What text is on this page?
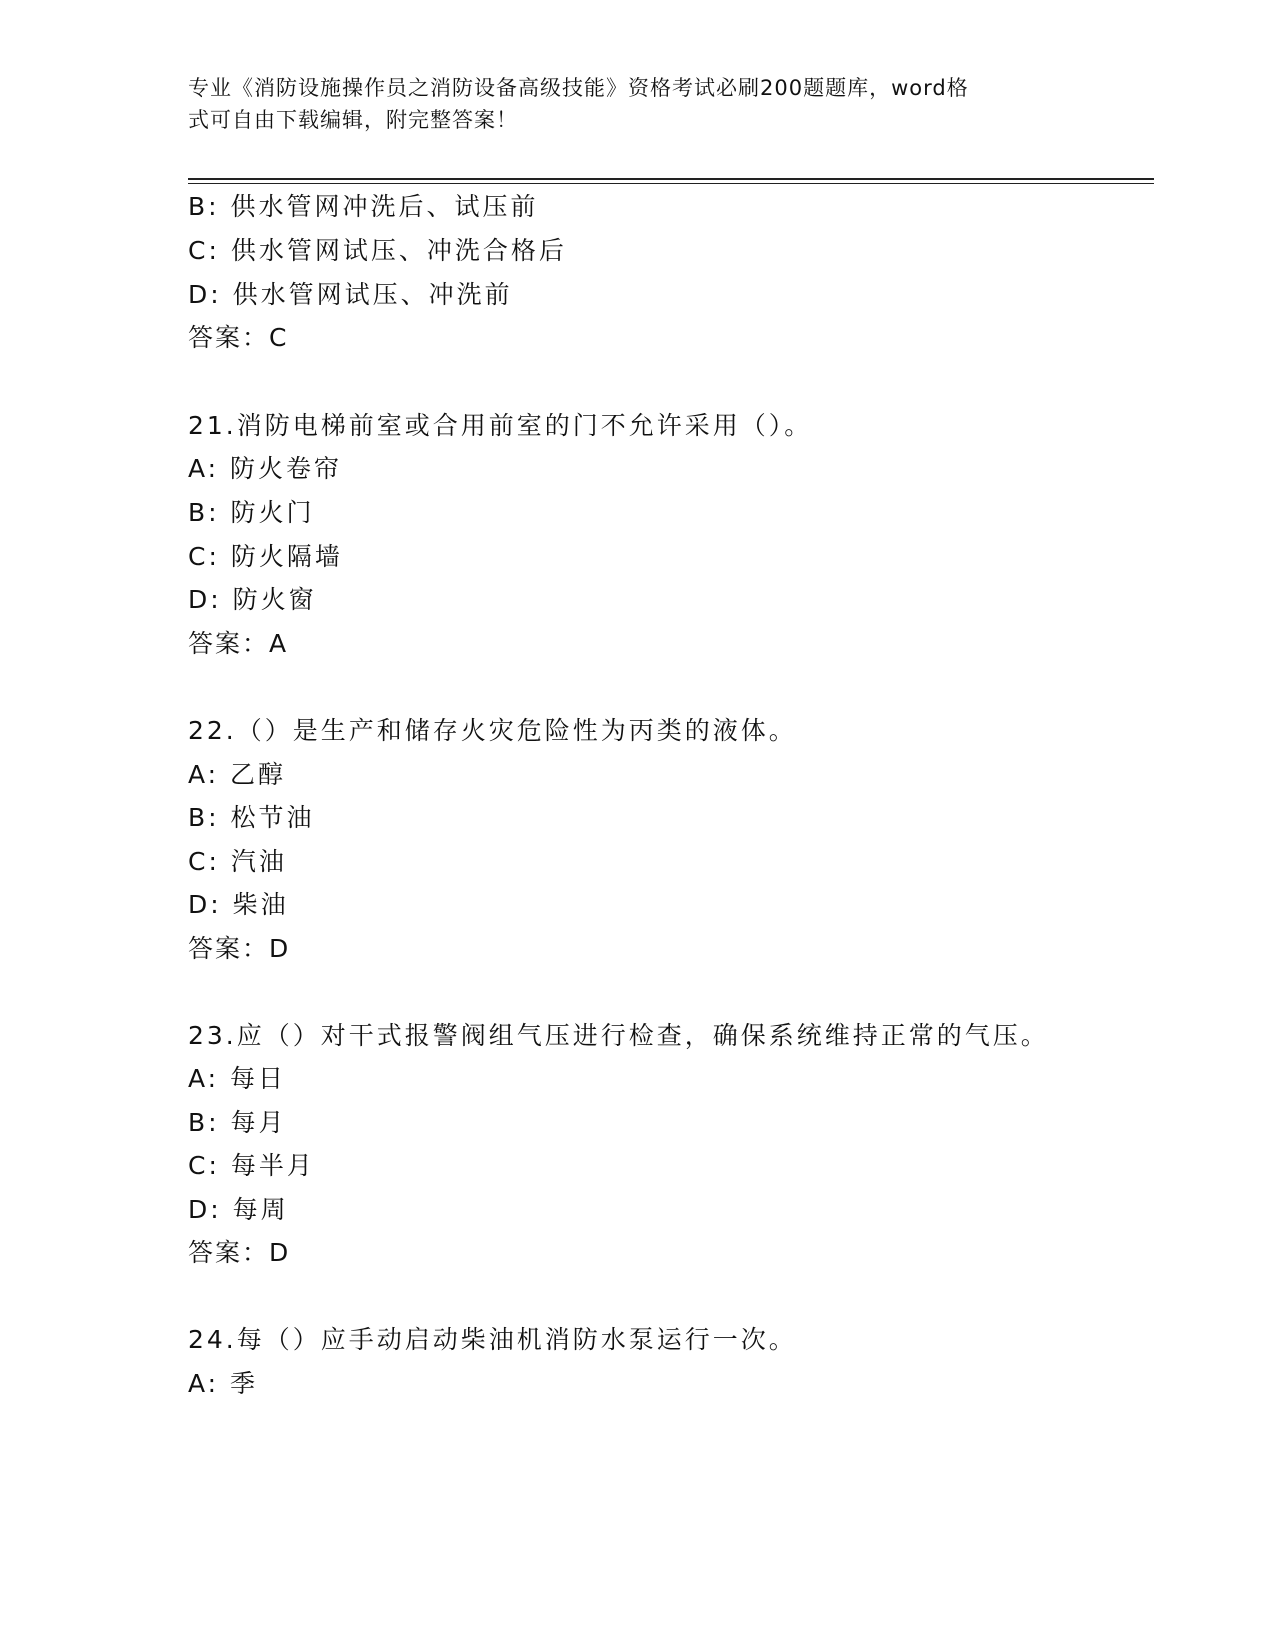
专业《消防设施操作员之消防设备高级技能》资格考试必刷200题题库，word格
式可自由下载编辑，附完整答案！
B: 供水管网冲洗后、试压前
C: 供水管网试压、冲洗合格后
D: 供水管网试压、冲洗前
答案：C
21.消防电梯前室或合用前室的门不允许采用（）。
A: 防火卷帘
B: 防火门
C: 防火隔墙
D: 防火窗
答案：A
22.（）是生产和储存火灾危险性为丙类的液体。
A: 乙醇
B: 松节油
C: 汽油
D: 柴油
答案：D
23.应（）对干式报警阀组气压进行检查，确保系统维持正常的气压。
A: 每日
B: 每月
C: 每半月
D: 每周
答案：D
24.每（）应手动启动柴油机消防水泵运行一次。
A: 季
